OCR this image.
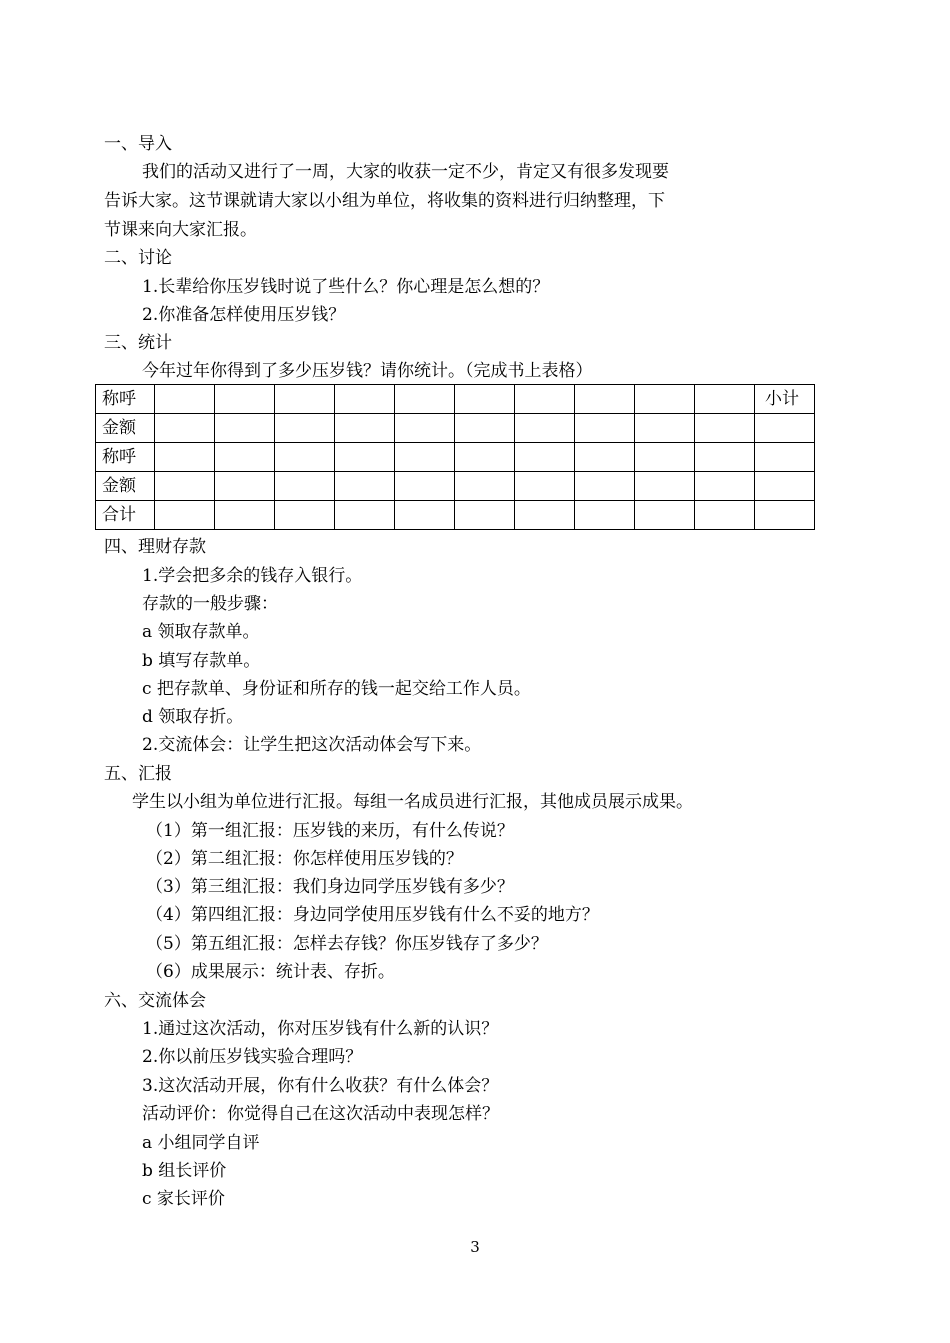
一、导入
我们的活动又进行了一周，大家的收获一定不少，肯定又有很多发现要
告诉大家。这节课就请大家以小组为单位，将收集的资料进行归纳整理，下
节课来向大家汇报。
二、讨论
1.长辈给你压岁钱时说了些什么？你心理是怎么想的？
2.你准备怎样使用压岁钱？
三、统计
今年过年你得到了多少压岁钱？请你统计。（完成书上表格）
称呼											小计
金额											
称呼											
金额											
合计											
四、理财存款
1.学会把多余的钱存入银行。
存款的一般步骤：
a 领取存款单。
b 填写存款单。
c 把存款单、身份证和所存的钱一起交给工作人员。
d 领取存折。
2.交流体会：让学生把这次活动体会写下来。
五、汇报
学生以小组为单位进行汇报。每组一名成员进行汇报，其他成员展示成果。
（1）第一组汇报：压岁钱的来历，有什么传说？
（2）第二组汇报：你怎样使用压岁钱的？
（3）第三组汇报：我们身边同学压岁钱有多少？
（4）第四组汇报：身边同学使用压岁钱有什么不妥的地方？
（5）第五组汇报：怎样去存钱？你压岁钱存了多少？
（6）成果展示：统计表、存折。
六、交流体会
1.通过这次活动，你对压岁钱有什么新的认识？
2.你以前压岁钱实验合理吗？
3.这次活动开展，你有什么收获？有什么体会？
活动评价：你觉得自己在这次活动中表现怎样？
a 小组同学自评
b 组长评价
c 家长评价
3
